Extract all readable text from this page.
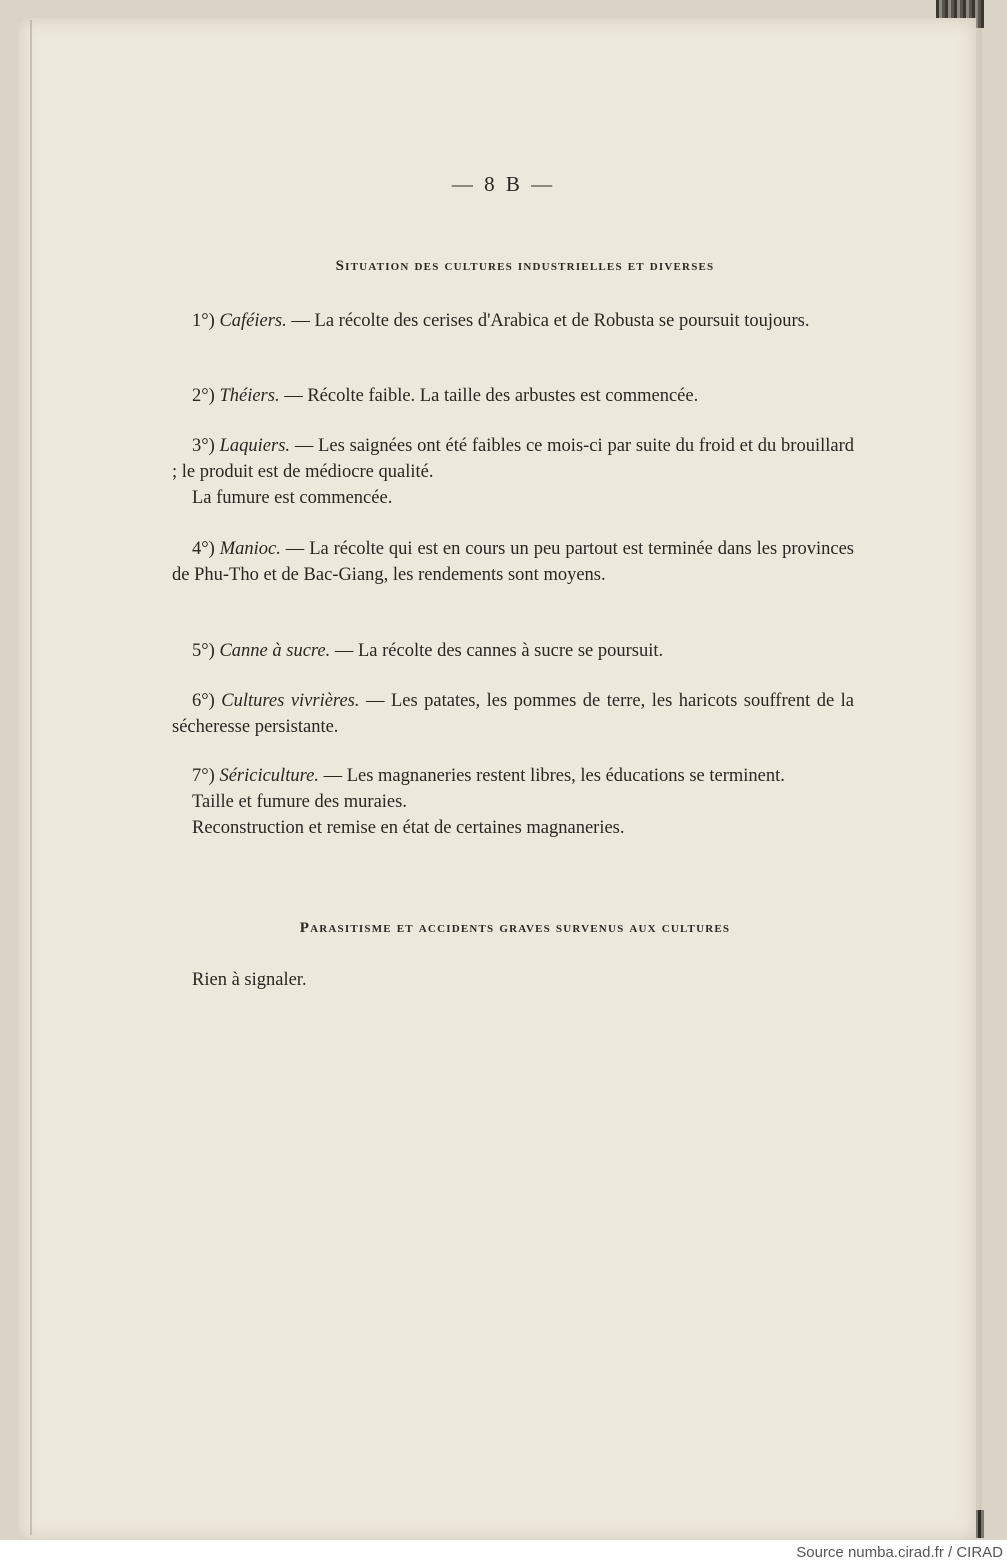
— 8 B —
Situation des cultures industrielles et diverses

1°) Caféiers. — La récolte des cerises d'Arabica et de Robusta se poursuit toujours.

2°) Théiers. — Récolte faible. La taille des arbustes est commencée.

3°) Laquiers. — Les saignées ont été faibles ce mois-ci par suite du froid et du brouillard ; le produit est de médiocre qualité.

La fumure est commencée.

4°) Manioc. — La récolte qui est en cours un peu partout est terminée dans les provinces de Phu-Tho et de Bac-Giang, les rendements sont moyens.

5°) Canne à sucre. — La récolte des cannes à sucre se poursuit.

6°) Cultures vivrières. — Les patates, les pommes de terre, les haricots souffrent de la sécheresse persistante.

7°) Sériciculture. — Les magnaneries restent libres, les éducations se terminent.

Taille et fumure des muraies.

Reconstruction et remise en état de certaines magnaneries.

Parasitisme et accidents graves survenus aux cultures
Rien à signaler.
Source numba.cirad.fr / CIRAD
